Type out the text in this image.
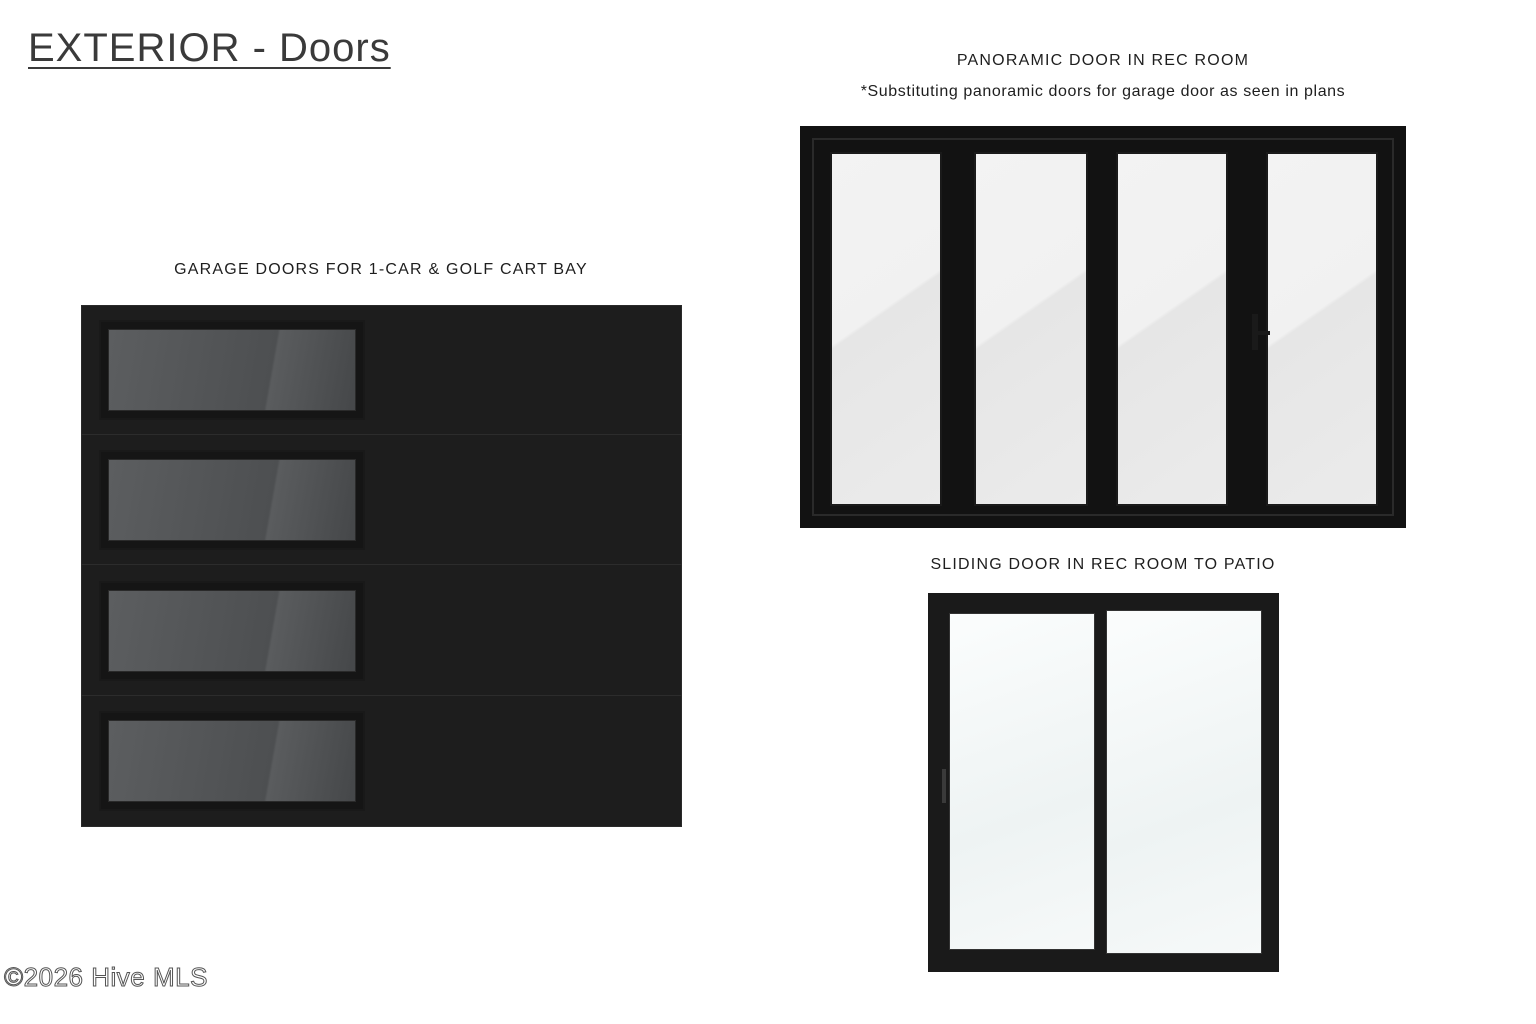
EXTERIOR - Doors
GARAGE DOORS FOR 1-CAR & GOLF CART BAY
PANORAMIC DOOR IN REC ROOM
*Substituting panoramic doors for garage door as seen in plans
SLIDING DOOR IN REC ROOM TO PATIO
©2026 Hive MLS
